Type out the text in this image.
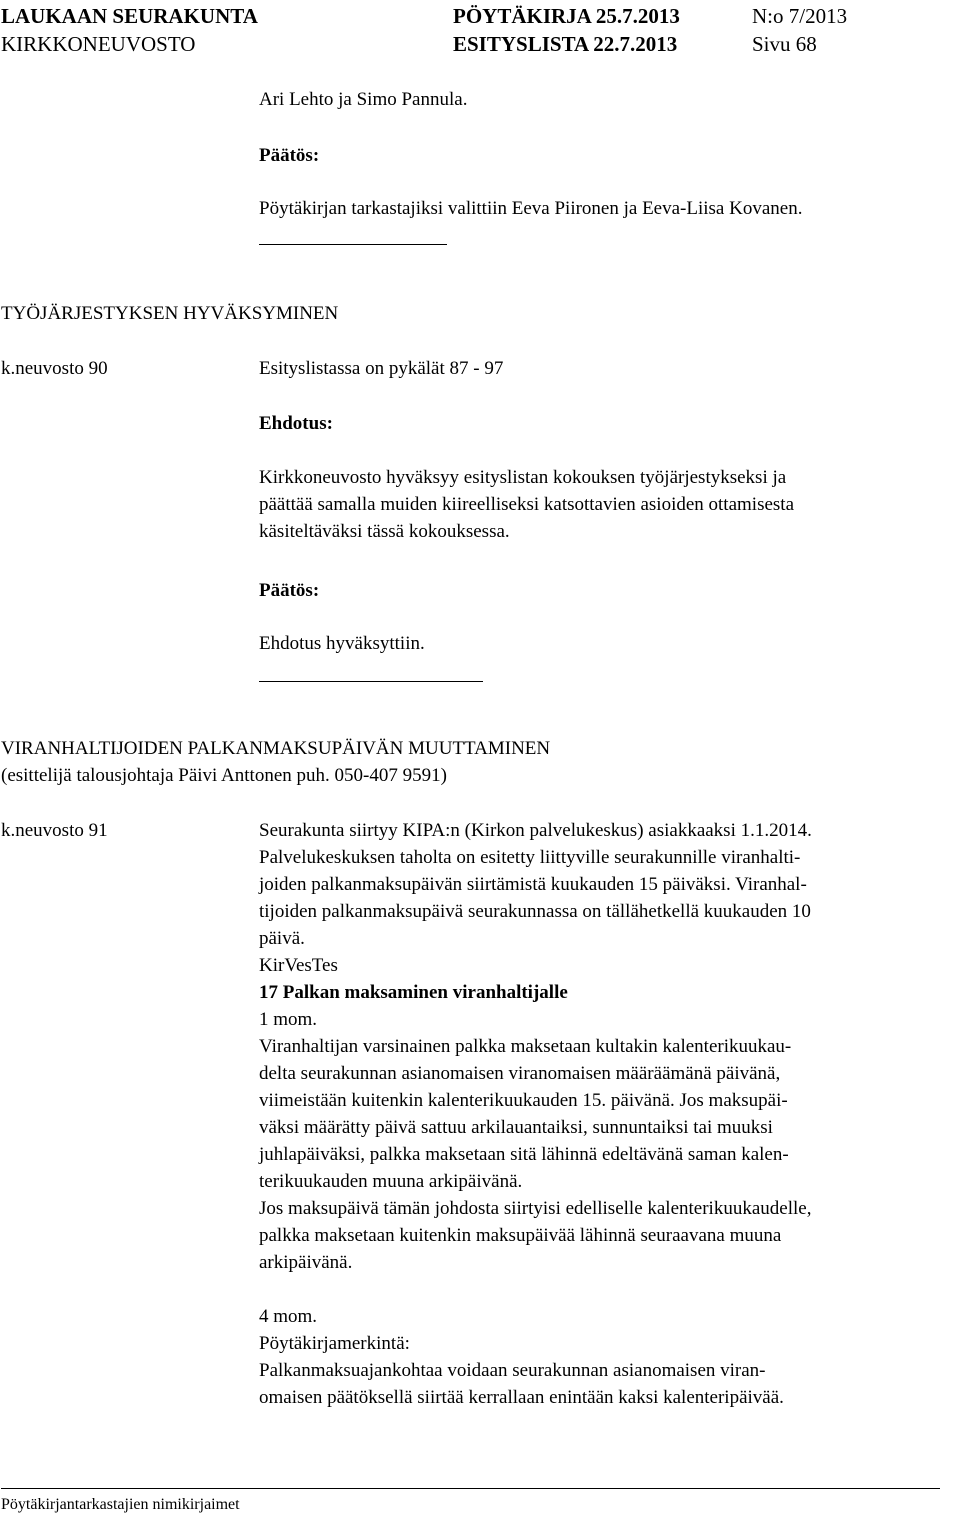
LAUKAAN SEURAKUNTA
KIRKKONEUVOSTO
PÖYTÄKIRJA 25.7.2013
ESITYSLISTA 22.7.2013
N:o 7/2013
Sivu 68
Ari Lehto ja Simo Pannula.
Päätös:
Pöytäkirjan tarkastajiksi valittiin Eeva Piironen ja Eeva-Liisa Kovanen.
TYÖJÄRJESTYKSEN HYVÄKSYMINEN
k.neuvosto 90	Esityslistassa on pykälät 87 - 97
Ehdotus:
Kirkkoneuvosto hyväksyy esityslistan kokouksen työjärjestykseksi ja
päättää samalla muiden kiireelliseksi katsottavien asioiden ottamisesta
käsiteltäväksi tässä kokouksessa.
Päätös:
Ehdotus hyväksyttiin.
VIRANHALTIJOIDEN PALKANMAKSUPÄIVÄN MUUTTAMINEN
(esittelijä talousjohtaja Päivi Anttonen puh. 050-407 9591)
k.neuvosto 91	Seurakunta siirtyy KIPA:n (Kirkon palvelukeskus) asiakkaaksi 1.1.2014.
Palvelukeskuksen taholta on esitetty liittyville seurakunnille viranhalti-
joiden palkanmaksupäivän siirtämistä kuukauden 15 päiväksi. Viranhal-
tijoiden palkanmaksupäivä seurakunnassa on tällähetkellä kuukauden 10
päivä.
KirVesTes
17 Palkan maksaminen viranhaltijalle
1 mom.
Viranhaltijan varsinainen palkka maksetaan kultakin kalenterikuukau-
delta seurakunnan asianomaisen viranomaisen määräämänä päivänä,
viimeistään kuitenkin kalenterikuukauden 15. päivänä. Jos maksupäi-
väksi määrätty päivä sattuu arkilauantaiksi, sunnuntaiksi tai muuksi
juhlapäiväksi, palkka maksetaan sitä lähinnä edeltävänä saman kalen-
terikuukauden muuna arkipäivänä.
Jos maksupäivä tämän johdosta siirtyisi edelliselle kalenterikuukaudelle,
palkka maksetaan kuitenkin maksupäivää lähinnä seuraavana muuna
arkipäivänä.
4 mom.
Pöytäkirjamerkintä:
Palkanmaksuajankohtaa voidaan seurakunnan asianomaisen viran-
omaisen päätöksellä siirtää kerrallaan enintään kaksi kalenteripäivää.
Pöytäkirjantarkastajien nimikirjaimet
